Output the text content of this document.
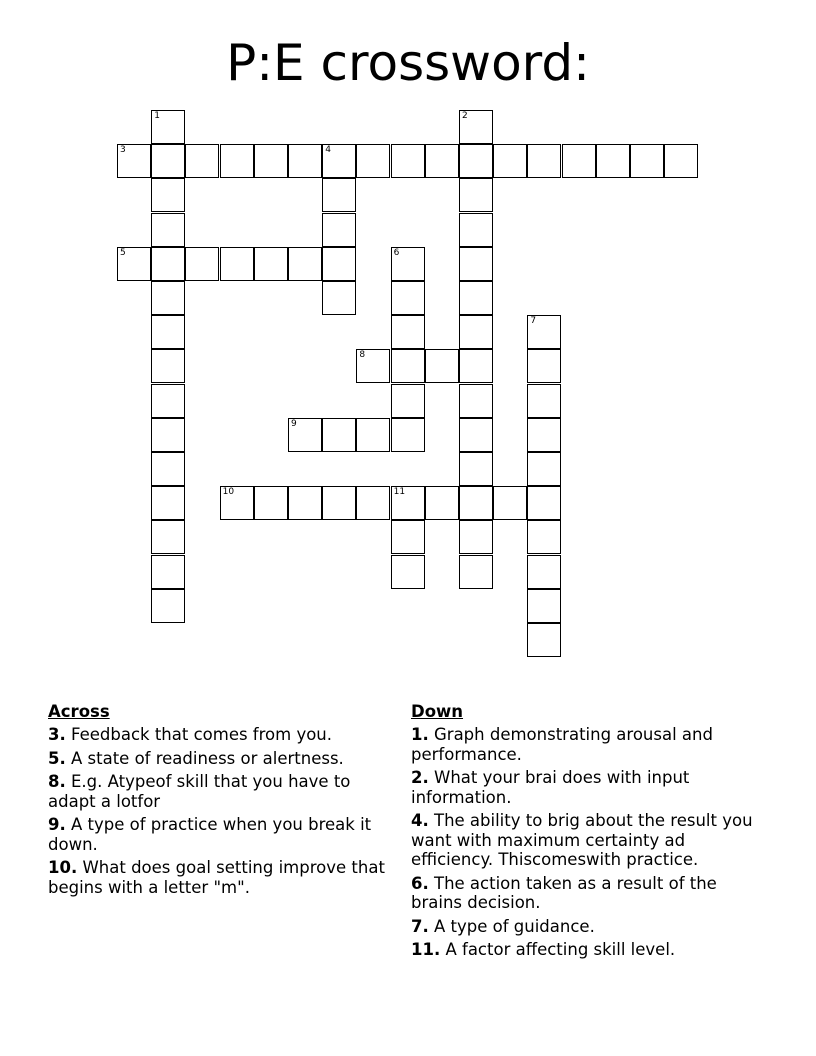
P:E crossword:
1	2
3	4
5	6
7
8
9
10	11
Across
3. Feedback that comes from you.
5. A state of readiness or alertness.
8. E.g. Atypeof skill that you have to adapt a lotfor
9. A type of practice when you break it down.
10. What does goal setting improve that begins with a letter "m".
Down
1. Graph demonstrating arousal and performance.
2. What your brai does with input information.
4. The ability to brig about the result you want with maximum certainty ad efficiency. Thiscomeswith practice.
6. The action taken as a result of the brains decision.
7. A type of guidance.
11. A factor affecting skill level.
